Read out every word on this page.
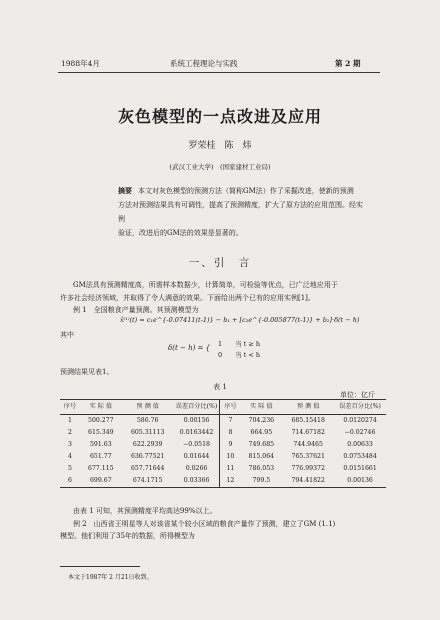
1988年4月	系统工程理论与实践	第 2 期
灰色模型的一点改进及应用
罗荣桂　陈　炜
(武汉工业大学)　(国家建材工业局)
摘要 本文对灰色模型的预测方法（简称GM法）作了采掘改进，使新的预测
方法对预测结果具有可调性，提高了预测精度，扩大了原方法的应用范围。经实例
验证，改进后的GM法的效果是显著的。
一、引　言
GM法具有预测精度高，所需样本数据少，计算简单，可检验等优点，已广泛地应用于
许多社会经济领域，并取得了令人满意的效果。下面给出两个已有的应用实例[1]。
例 1　全国粮食产量预测。其预测模型为
x̂⁽¹⁾(t) = c₁e^{-0.07411(t-1)} − b₁ + [c₂e^{-0.005877(t-1)} + b₂]·δ(t − h)
其中
δ(t − h) = { 1　　当 t ≥ h
0　　当 t < h
预测结果见表1。
表 1
单位：亿斤
序号	实 际 值	预 测 值	误差百分比(%)	序号	实 际 值	预 测 值	误差百分比(%)
1	500.277	586.76	0.00156	7	704.236	685.15418	0.0120274
2	615.349	605.31113	0.0163442	8	664.95	714.67182	−0.02746
3	591.63	622.2939	−0.0518	9	749.685	744.9465	0.00633
4	651.77	636.77521	0.01644	10	815.064	765.37621	0.0753484
5	677.115	657.71644	0.0266	11	786.053	776.99372	0.0151661
6	699.67	674.1715	0.03366	12	799.5	794.41822	0.00136
由表 1 可知，其预测精度平均高达99%以上。
例 2　山西省王明星等人对该省某个较小区域的粮食产量作了预测，建立了GM (1.1)
模型。他们利用了35年的数据，所得模型为
本文于1987年 2 月21日收到。
